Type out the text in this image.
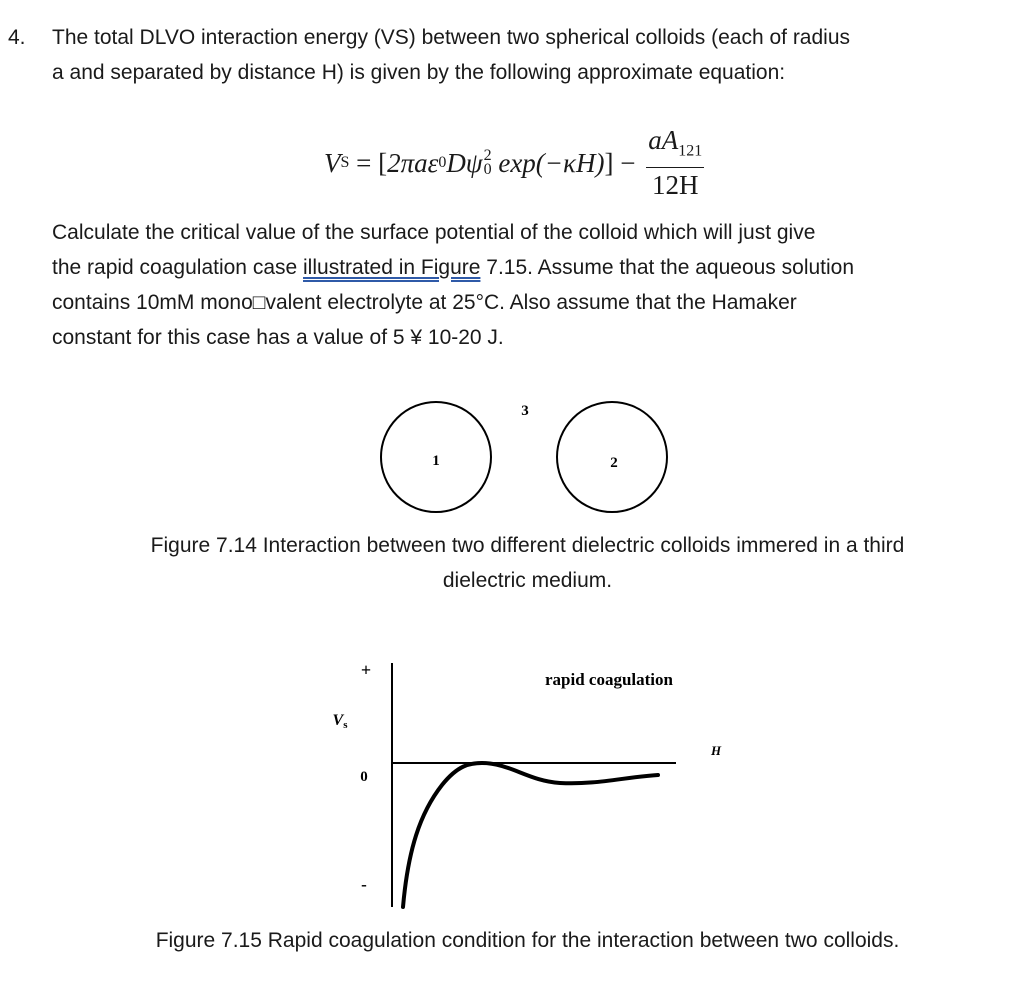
4. The total DLVO interaction energy (VS) between two spherical colloids (each of radius

a and separated by distance H) is given by the following approximate equation:

V S = [ 2πaε 0 Dψ 2
0 exp(−κH) ] − $\frac{aA_{121}}{12H}$

Calculate the critical value of the surface potential of the colloid which will just give

the rapid coagulation case illustrated in Figure 7.15. Assume that the aqueous solution

contains 10mM mono□valent electrolyte at 25°C. Also assume that the Hamaker

constant for this case has a value of 5 ¥ 10-20 J.

1	2
3
Figure 7.14 Interaction between two different dielectric colloids immered in a third
dielectric medium.
+
Vs
0
-
H
rapid coagulation
Figure 7.15 Rapid coagulation condition for the interaction between two colloids.
